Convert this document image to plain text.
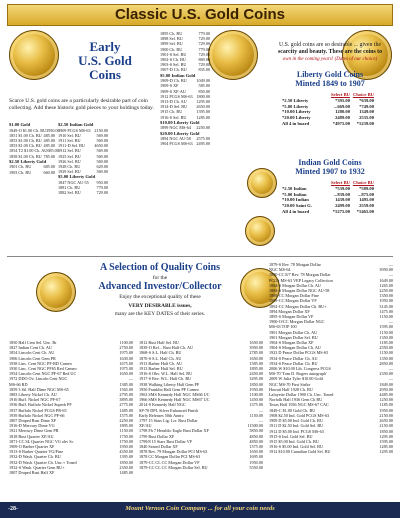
Classic U.S. Gold Coins
Early
U.S. Gold
Coins
1895 Ch. BU	779.00
1898 Sel. BU	729.00
1899 Sel. BU	729.00
1900 Ch. BU	779.00
1901-S Sel. BU	729.00
1902-S Ch. BU	869.00
1903-S Sel. BU	729.00
1907-D Ch. BU	835.00
$5.00 Indian Gold
1909-D Ch. BU 1049.00
1909-S XF	585.00
1909-S XF-AU	850.00
1912 PCGS MS-63 1800.00
1913-D Ch. AU 1295.00
1914-D Sel. BU 2650.00
1915 Ch. BU	1395.00
1916-S Sel. BU 1285.00
$10.00 Liberty Gold
1899 NGC MS-64 2250.00
$20.00 Liberty Gold
1894 NGC AU-58 2575.00
1904 PCGS MS-63 2495.00
Scarce U.S. gold coins are a particularly desirable part of coin collecting. Add these historic gold pieces to your holdings today.
$1.00 Gold
1849-O $1.00 Ch. BU 3950.00
1851 $1.00 Ch. BU 485.00
1853 $1.00 Ch. BU 485.00
1853 $1.00 Ch. BU 485.00
1854 T2 $1.00 Ch. AU 685.00
1858 $1.00 Ch. BU 785.00
$2.50 Liberty Gold
1901 Ch. BU	685.00
1903 Ch. BU	660.00
$2.50 Indian Gold
1909 PCGS MS-63 2150.00
1910 Sel. BU	569.00
1911 Sel. BU	569.00
1911-D Sel. BU 4650.00
1912 Sel. BU	569.00
1925 Sel. BU	569.00
1926 Sel. BU	569.00
1928 Ch. BU	629.00
1929 Sel. BU	569.00
$5.00 Liberty Gold
1847 NGC AU-55 950.00
1881 Ch. BU	779.00
1882 Sel. BU	729.00
U.S. gold coins are so desirable ... given the
scarcity and beauty. These are the coins to
own in the coming years! (Dates of our choice)
Liberty Gold Coins
Minted 1849 to 1907
Select BU Choice BU
*2.50 Liberty	*395.00	*639.00
*5.00 Liberty	...669.00	*749.00
*10.00 Liberty	1280.00	1349.00
*20.00 Liberty	2489.00	2535.00
All 4 in board	*4975.00	*5239.00
Indian Gold Coins
Minted 1907 to 1932
Select BU Choice BU
*2.50 Indian	*539.00	*589.00
*5.00 Indian	...839.00	...875.00
*10.00 Indian	1439.00	1495.00
*20.00 Saint G.	2499.00	2559.00
All 4 in board	*5275.00	*5465.00
A Selection of Quality Coins
for the
Advanced Investor/Collector
Enjoy the exceptional quality of these
VERY DESIRABLE issues,
many are the KEY DATES of their series.
1850 Half Cent Sel. Unc. Br	1100.00
1827 Indian Cent Ch. AU	2750.00
1854 Lincoln Cent Ch. AU	1975.00
1906 Lincoln Cent Gem PR	1630.00
1938 Linc. Cent NGC PF-RD Cameo	1675.00
1930 Linc. Cent NGC PF65 Red Cameo	1975.00
1954 Lincoln Cent NGC PF-67 Red UC	1650.00
1972 DDO Ov. Lincoln Cent NGC	—
MS-66 RD	1385.00
1859 3 Sil. Half Dime NGC MS-65	1565.00
1883 Liberty Nickel Ch. AU	2795.00
1916 Buff. Nickel NGC PF-67	3895.00
1936 Buff. Buffalo Nickel Superb PF	2775.00
1937 Buffalo Nickel PCGS PR-65	1485.00
1939 Buffalo Nickel NGC PF-66	1575.00
1807 Draped Bust Dime XF	2250.00
1916-D Mercury Dime VG	1895.00
1921 Mercury Dime Gem PR	1150.00
1818 Bust Quarter XF/AU	1750.00
1871-CC SL Quarter NGC VG obv Sc	1750.00
1909-O Barber Quarter XF	1950.00
1913-S Barber Quarter VG/Fine	4350.00
1932-D Wash. Quarter Ch. BU	1395.00
1932-D Wash. Quarter Ch. Unc.+ Toned	1850.00
1932-S Wash. Quarter Gem BU+	2350.00
1807 Draped Bust Half XF	1485.00
1812 Bust Half Sel. BU	1650.00
1839-O Ref... Bust Half Ch. AU	3950.00
1868-S S.L. Half Ch. BU	2785.00
1870-S S.L. Half Ch. AU	1650.00
1913 Barber Half Ch. AU	1585.00
1913 Barber Half Sel. BU	1895.00
1916-S Obv. W.L. Half Sel. BU	2450.00
1917-S Rev. W.L. Half Ch. BU	3295.00
1938 Walking Liberty Half Gem PF	1850.00
1950 Franklin Half Gem PF Cameo	1950.00
1963 SMS Kennedy Half NGC MS66 UC	1100.00
1966 SMS Kennedy Half NGC MS67 UC	1450.00
2014-S Kennedy Half NGC	1375.00
SP-70 DPL Silver Enhanced Finish	—
Early Releases 50th Anniv.	1150.00
1797 15 Stars Ltg. Lrr. Bust Dollar	—
XF/AU	11500.00
1798 Fh 7 Heraldic Eagle Bust Dollar XF	5850.00
1799 Bust Dollar XF	4850.00
1799/8 15 Stars Bust Dollar VF	4850.00
1840 Seated Dollar XF	1575.00
1878 Rev. 79 Morgan Dollar PCI MS-63	1650.00
1878 CC Morgan Dollar PCI MS-63	1695.00
1879-CC CL CC Morgan Dollar VF	1950.00
1879-CC CL CC Morgan Dollar Sel. BU	5550.00
1879-S Rev. 78 Morgan Dollar	—
NGC MS-64	3950.00
1880-CC 8/7 Rev. 78 Morgan Dollar	—
PCGS MS-63 VEP Legacy Collection	1649.00
1884-S Morgan Dollar Ch. AU	1265.00
1884-S Morgan Dollar NGC AU-58	2250.00
1889-CC Morgan Dollar Fine	1350.00
1889-CC Morgan Dollar VF	1950.00
1892-CC Morgan Dollar Ch. BU+	3145.00
1894 Morgan Dollar XF	1475.00
1895-S Morgan Dollar VF	1150.00
1900-O/CC Morgan Dollar NGC	—
MS-63 TOP 100	1595.00
1901 Morgan Dollar Ch. AU	1150.00
1901 Morgan Dollar Sel. BU	1350.00
1904-S Morgan Dollar XF	1185.00
1904-S Morgan Dollar Ch. AU	2550.00
1923 D Peace Dollar PCGS MS-65	1150.00
1934-S Peace Dollar Ch. AU	1350.00
1934-S Peace Dollar Ch. BU	2850.00
2006 W $10.00 Lib. Congress PCGS	—
MS-70 'Tom D. Rogers autograph'	2350.00
2009 W Julia Tyler $10.00 Gold	—
NGC MS-70 First Strike	1849.00
Hawaii Half 1928 Ch. BU	2950.00
Lafayette Dollar 1900 Ch. Unc. Toned	4485.00
Norfolk Half 1936 Gem Ch BU	1250.00
Texas Half 1936 NGC MS-67 CAC	1185.00
1849-C $1.00 Gold Ch. BU	1950.00
1908 $2.50 Ind. Gold PCGS MS-63	2150.00
1909 D $5.00 Ind. Gold Ch. BU	2650.00
1911 D $2.50 Ind. Gold Sel. BU	2150.00
1912 D $5.00 Ind. PCGS MS-63	1850.00
1915-S Ind. Gold Sel. BU	1295.00
1915 $5.00 Ind. Gold Ch. BU	1595.00
1916-S $5.00 Ind. Gold Sel. BU	1285.00
1912 $10.00 Canadian Gold Sel. BU	1295.00
-28-	Mount Vernon Coin Company ... for all your coin needs
